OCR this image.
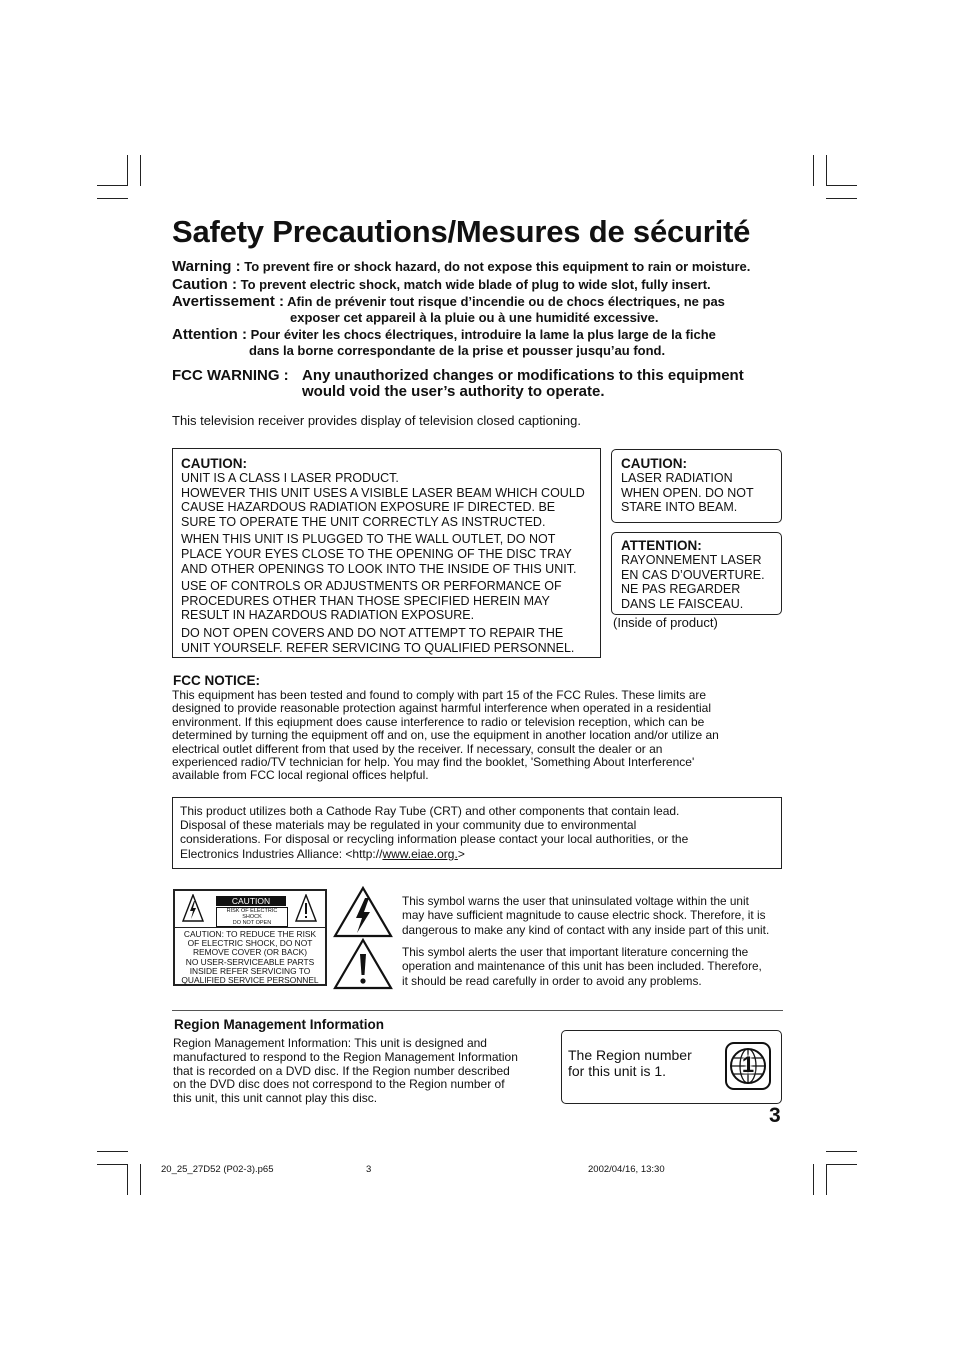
Safety Precautions/Mesures de sécurité
Warning : To prevent fire or shock hazard, do not expose this equipment to rain or moisture.
Caution : To prevent electric shock, match wide blade of plug to wide slot, fully insert.
Avertissement : Afin de prévenir tout risque d’incendie ou de chocs électriques, ne pas
exposer cet appareil à la pluie ou à une humidité excessive.
Attention : Pour éviter les chocs électriques, introduire la lame la plus large de la fiche
dans la borne correspondante de la prise et pousser jusqu’au fond.
FCC WARNING : Any unauthorized changes or modifications to this equipment
would void the user’s authority to operate.
This television receiver provides display of television closed captioning.
CAUTION:
UNIT IS A CLASS I LASER PRODUCT.
HOWEVER THIS UNIT USES A VISIBLE LASER BEAM WHICH COULD
CAUSE HAZARDOUS RADIATION EXPOSURE IF DIRECTED. BE
SURE TO OPERATE THE UNIT CORRECTLY AS INSTRUCTED.
WHEN THIS UNIT IS PLUGGED TO THE WALL OUTLET, DO NOT
PLACE YOUR EYES CLOSE TO THE OPENING OF THE DISC TRAY
AND OTHER OPENINGS TO LOOK INTO THE INSIDE OF THIS UNIT.
USE OF CONTROLS OR ADJUSTMENTS OR PERFORMANCE OF
PROCEDURES OTHER THAN THOSE SPECIFIED HEREIN MAY
RESULT IN HAZARDOUS RADIATION EXPOSURE.
DO NOT OPEN COVERS AND DO NOT ATTEMPT TO REPAIR THE
UNIT YOURSELF. REFER SERVICING TO QUALIFIED PERSONNEL.
CAUTION:
LASER RADIATION
WHEN OPEN. DO NOT
STARE INTO BEAM.
ATTENTION:
RAYONNEMENT LASER
EN CAS D’OUVERTURE.
NE PAS REGARDER
DANS LE FAISCEAU.
(Inside of product)
FCC NOTICE:
This equipment has been tested and found to comply with part 15 of the FCC Rules. These limits are
designed to provide reasonable protection against harmful interference when operated in a residential
environment. If this eqiupment does cause interference to radio or television reception, which can be
determined by turning the equipment off and on, use the equipment in another location and/or utilize an
electrical outlet different from that used by the receiver. If necessary, consult the dealer or an
experienced radio/TV technician for help. You may find the booklet, 'Something About Interference'
available from FCC local regional offices helpful.
This product utilizes both a Cathode Ray Tube (CRT) and other components that contain lead.
Disposal of these materials may be regulated in your community due to environmental
considerations. For disposal or recycling information please contact your local authorities, or the
Electronics Industries Alliance: <http://www.eiae.org.>
CAUTION
RISK OF ELECTRIC SHOCK
DO NOT OPEN
CAUTION: TO REDUCE THE RISK
OF ELECTRIC SHOCK, DO NOT
REMOVE COVER (OR BACK)
NO USER-SERVICEABLE PARTS
INSIDE REFER SERVICING TO
QUALIFIED SERVICE PERSONNEL
This symbol warns the user that uninsulated voltage within the unit
may have sufficient magnitude to cause electric shock. Therefore, it is
dangerous to make any kind of contact with any inside part of this unit.
This symbol alerts the user that important literature concerning the
operation and maintenance of this unit has been included. Therefore,
it should be read carefully in order to avoid any problems.
Region Management Information
Region Management Information: This unit is designed and
manufactured to respond to the Region Management Information
that is recorded on a DVD disc. If the Region number described
on the DVD disc does not correspond to the Region number of
this unit, this unit cannot play this disc.
The Region number
for this unit is 1.	1
3
20_25_27D52 (P02-3).p65	3	2002/04/16, 13:30
